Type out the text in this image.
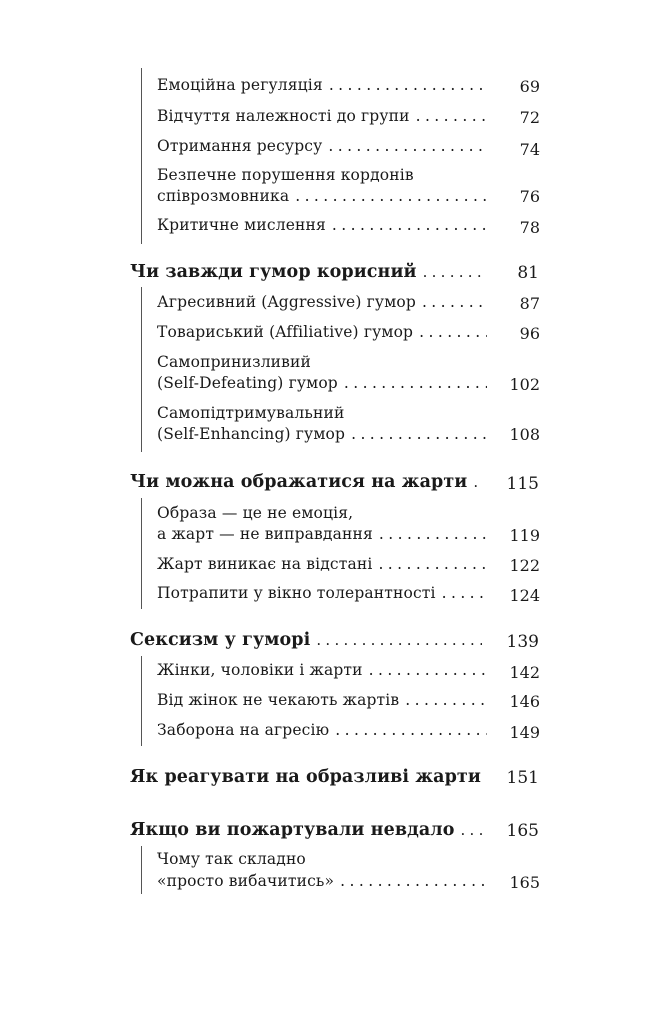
Емоційна регуляція . . .	69
Відчуття належності до групи . . .	72
Отримання ресурсу . . .	74
Безпечне порушення кордонів
співрозмовника . . .	76
Критичне мислення . . .	78
Чи завжди гумор корисний . . .	81
Агресивний (Aggressive) гумор . . .	87
Товариський (Affiliative) гумор . . .	96
Самопринизливий
(Self-Defeating) гумор . . .	102
Самопідтримувальний
(Self-Enhancing) гумор . . .	108
Чи можна ображатися на жарти . . . 115
Образа — це не емоція,
а жарт — не виправдання . . .	119
Жарт виникає на відстані . . .	122
Потрапити у вікно толерантності . . .	124
Сексизм у гуморі . . .	139
Жінки, чоловіки і жарти . . .	142
Від жінок не чекають жартів . . .	146
Заборона на агресію . . .	149
Як реагувати на образливі жарти 151
Якщо ви пожартували невдало . . .	165
Чому так складно
«просто вибачитись» . . .	165
